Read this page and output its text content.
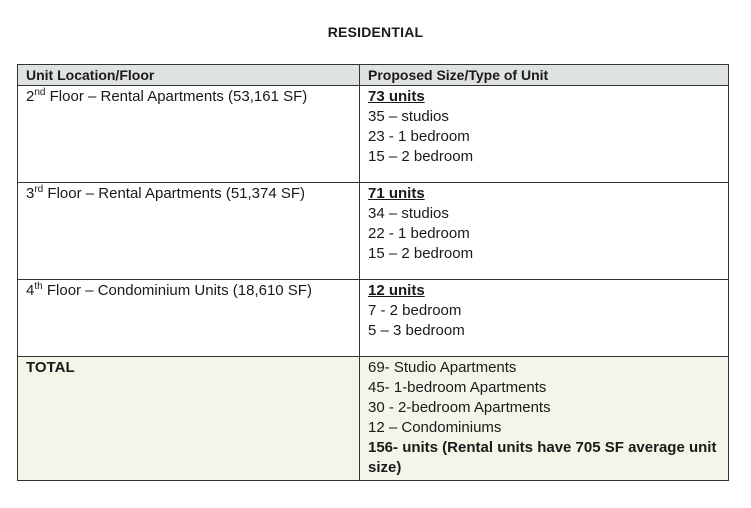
RESIDENTIAL
Unit Location/Floor	Proposed Size/Type of Unit
2nd Floor – Rental Apartments (53,161 SF)	73 units
35 – studios
23 - 1 bedroom
15 – 2 bedroom

3rd Floor – Rental Apartments (51,374 SF)	71 units
34 – studios
22 - 1 bedroom
15 – 2 bedroom

4th Floor – Condominium Units (18,610 SF)	12 units
7 - 2 bedroom
5 – 3 bedroom

TOTAL	69- Studio Apartments
45- 1-bedroom Apartments
30 - 2-bedroom Apartments
12 – Condominiums
156- units (Rental units have 705 SF average unit size)
